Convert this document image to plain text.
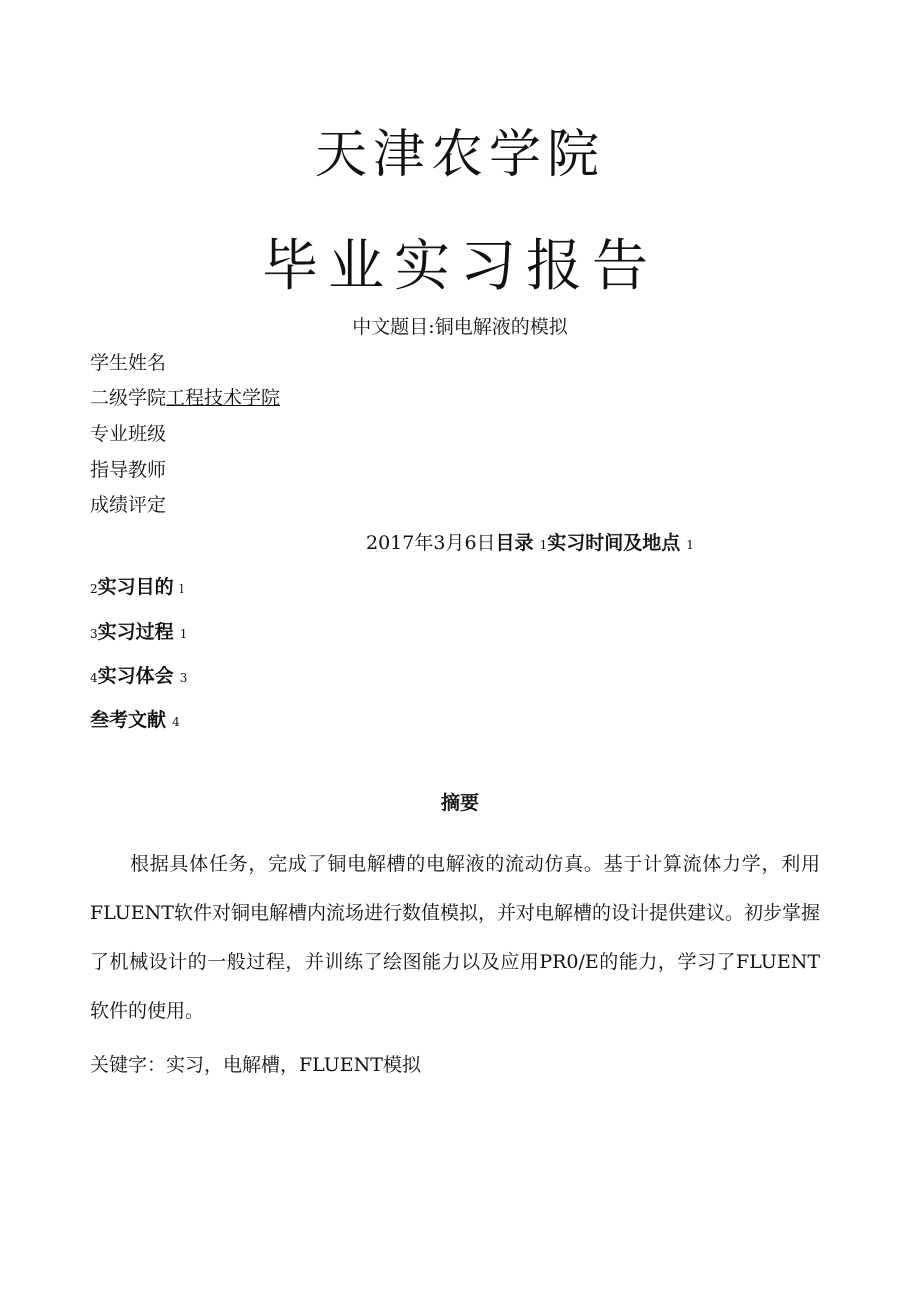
天津农学院
毕业实习报告
中文题目:铜电解液的模拟
学生姓名
二级学院工程技术学院
专业班级
指导教师
成绩评定
2017年3月6日目录 1实习时间及地点 1
2实习目的 l
3实习过程 1
4实习体会 3
叁考文献 4
摘要
根据具体任务，完成了铜电解槽的电解液的流动仿真。基于计算流体力学，利用FLUENT软件对铜电解槽内流场进行数值模拟，并对电解槽的设计提供建议。初步掌握了机械设计的一般过程，并训练了绘图能力以及应用PR0/E的能力，学习了FLUENT软件的使用。
关键字：实习，电解槽，FLUENT模拟
